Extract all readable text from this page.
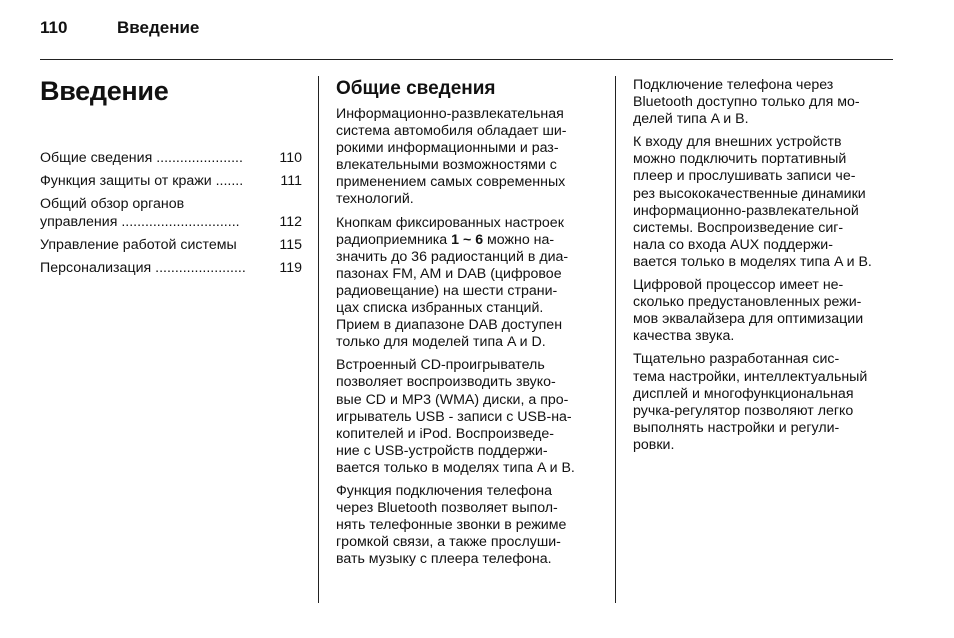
110	Введение
Введение
Общие сведения ......................	110
Функция защиты от кражи .......	111
Общий обзор органов
управления ..............................	112
Управление работой системы	115
Персонализация .......................	119
Общие сведения

Информационно-развлекательная
система автомобиля обладает ши-
рокими информационными и раз-
влекательными возможностями с
применением самых современных
технологий.

Кнопкам фиксированных настроек
радиоприемника 1 ~ 6 можно на-
значить до 36 радиостанций в диа-
пазонах FM, AM и DAB (цифровое
радиовещание) на шести страни-
цах списка избранных станций.
Прием в диапазоне DAB доступен
только для моделей типа A и D.

Встроенный CD-проигрыватель
позволяет воспроизводить звуко-
вые CD и MP3 (WMA) диски, а про-
игрыватель USB - записи с USB-на-
копителей и iPod. Воспроизведе-
ние с USB-устройств поддержи-
вается только в моделях типа A и B.

Функция подключения телефона
через Bluetooth позволяет выпол-
нять телефонные звонки в режиме
громкой связи, а также прослуши-
вать музыку с плеера телефона.

Подключение телефона через
Bluetooth доступно только для мо-
делей типа A и B.

К входу для внешних устройств
можно подключить портативный
плеер и прослушивать записи че-
рез высококачественные динамики
информационно-развлекательной
системы. Воспроизведение сиг-
нала со входа AUX поддержи-
вается только в моделях типа A и B.

Цифровой процессор имеет не-
сколько предустановленных режи-
мов эквалайзера для оптимизации
качества звука.

Тщательно разработанная сис-
тема настройки, интеллектуальный
дисплей и многофункциональная
ручка-регулятор позволяют легко
выполнять настройки и регули-
ровки.
